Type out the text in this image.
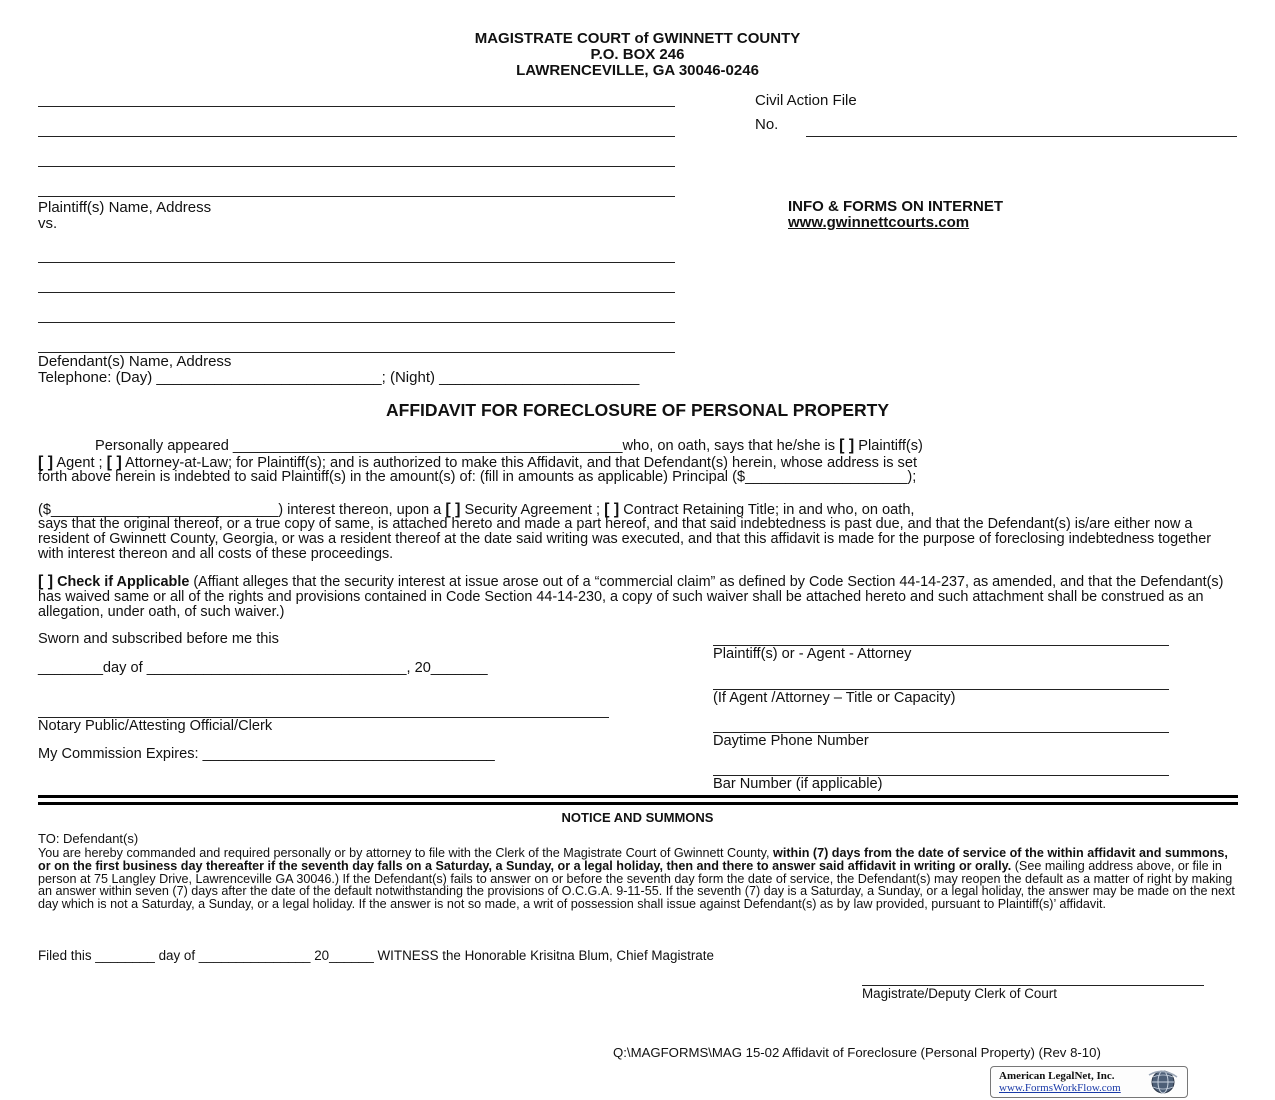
MAGISTRATE COURT of GWINNETT COUNTY
P.O. BOX 246
LAWRENCEVILLE, GA 30046-0246
Plaintiff(s) Name, Address
vs.
Civil Action File
No.
INFO & FORMS ON INTERNET
www.gwinnettcourts.com
Defendant(s) Name, Address
Telephone: (Day) ___________________________; (Night) ________________________
AFFIDAVIT FOR FORECLOSURE OF PERSONAL PROPERTY
Personally appeared ________________________________________________who, on oath, says that he/she is [ ] Plaintiff(s)
[ ] Agent ; [ ] Attorney-at-Law; for Plaintiff(s); and is authorized to make this Affidavit, and that Defendant(s) herein, whose address is set
forth above herein is indebted to said Plaintiff(s) in the amount(s) of: (fill in amounts as applicable) Principal ($____________________);
($____________________________) interest thereon, upon a [ ] Security Agreement ; [ ] Contract Retaining Title; in and who, on oath,
says that the original thereof, or a true copy of same, is attached hereto and made a part hereof, and that said indebtedness is past due, and that the Defendant(s) is/are either now a resident of Gwinnett County, Georgia, or was a resident thereof at the date said writing was executed, and that this affidavit is made for the purpose of foreclosing indebtedness together with interest thereon and all costs of these proceedings.
[ ] Check if Applicable (Affiant alleges that the security interest at issue arose out of a “commercial claim” as defined by Code Section 44-14-237, as amended, and that the Defendant(s) has waived same or all of the rights and provisions contained in Code Section 44-14-230, a copy of such waiver shall be attached hereto and such attachment shall be construed as an allegation, under oath, of such waiver.)
Sworn and subscribed before me this
________day of ________________________________, 20_______
Notary Public/Attesting Official/Clerk
My Commission Expires: ____________________________________
Plaintiff(s) or - Agent - Attorney
(If Agent /Attorney – Title or Capacity)
Daytime Phone Number
Bar Number (if applicable)
NOTICE AND SUMMONS
TO: Defendant(s)
You are hereby commanded and required personally or by attorney to file with the Clerk of the Magistrate Court of Gwinnett County, within (7) days from the date of service of the within affidavit and summons, or on the first business day thereafter if the seventh day falls on a Saturday, a Sunday, or a legal holiday, then and there to answer said affidavit in writing or orally. (See mailing address above, or file in person at 75 Langley Drive, Lawrenceville GA 30046.) If the Defendant(s) fails to answer on or before the seventh day form the date of service, the Defendant(s) may reopen the default as a matter of right by making an answer within seven (7) days after the date of the default notwithstanding the provisions of O.C.G.A. 9-11-55. If the seventh (7) day is a Saturday, a Sunday, or a legal holiday, the answer may be made on the next day which is not a Saturday, a Sunday, or a legal holiday. If the answer is not so made, a writ of possession shall issue against Defendant(s) as by law provided, pursuant to Plaintiff(s)’ affidavit.
Filed this ________ day of _______________ 20______ WITNESS the Honorable Krisitna Blum, Chief Magistrate
Magistrate/Deputy Clerk of Court
Q:\MAGFORMS\MAG 15-02 Affidavit of Foreclosure (Personal Property) (Rev 8-10)
American LegalNet, Inc.
www.FormsWorkFlow.com
